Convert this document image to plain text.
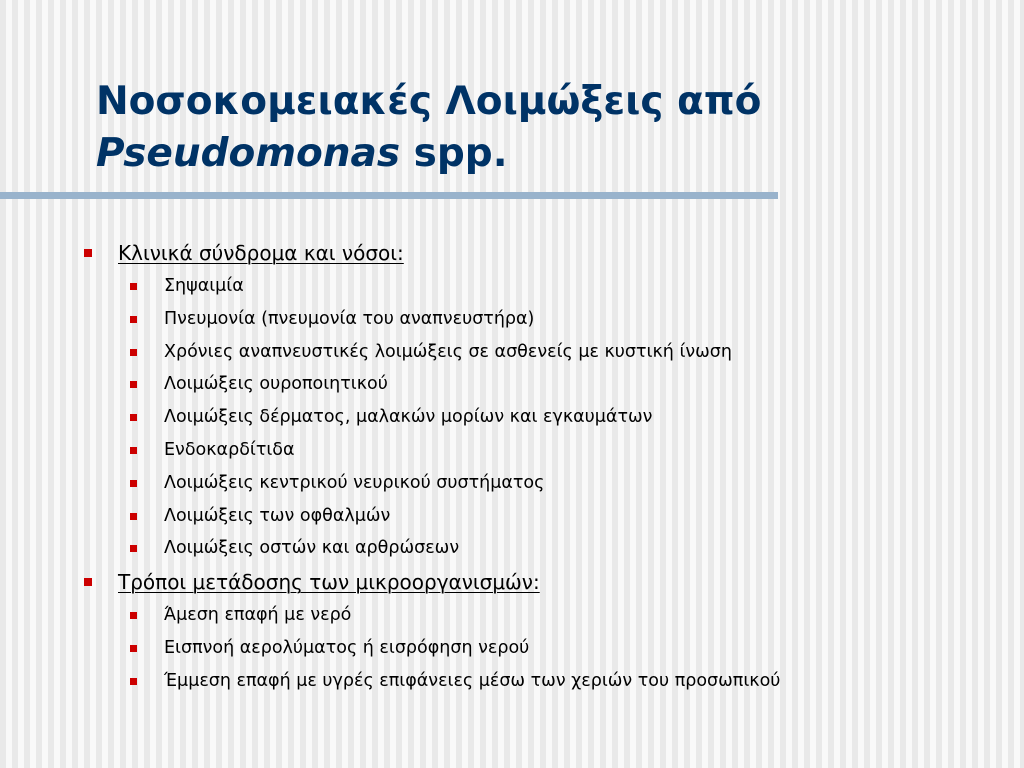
Νοσοκομειακές Λοιμώξεις από
Pseudomonas spp.
Κλινικά σύνδρομα και νόσοι:
Σηψαιμία
Πνευμονία (πνευμονία του αναπνευστήρα)
Χρόνιες αναπνευστικές λοιμώξεις σε ασθενείς με κυστική ίνωση
Λοιμώξεις ουροποιητικού
Λοιμώξεις δέρματος, μαλακών μορίων και εγκαυμάτων
Ενδοκαρδίτιδα
Λοιμώξεις κεντρικού νευρικού συστήματος
Λοιμώξεις των οφθαλμών
Λοιμώξεις οστών και αρθρώσεων
Τρόποι μετάδοσης των μικροοργανισμών:
Άμεση επαφή με νερό
Εισπνοή αερολύματος ή εισρόφηση νερού
Έμμεση επαφή με υγρές επιφάνειες μέσω των χεριών του προσωπικού
